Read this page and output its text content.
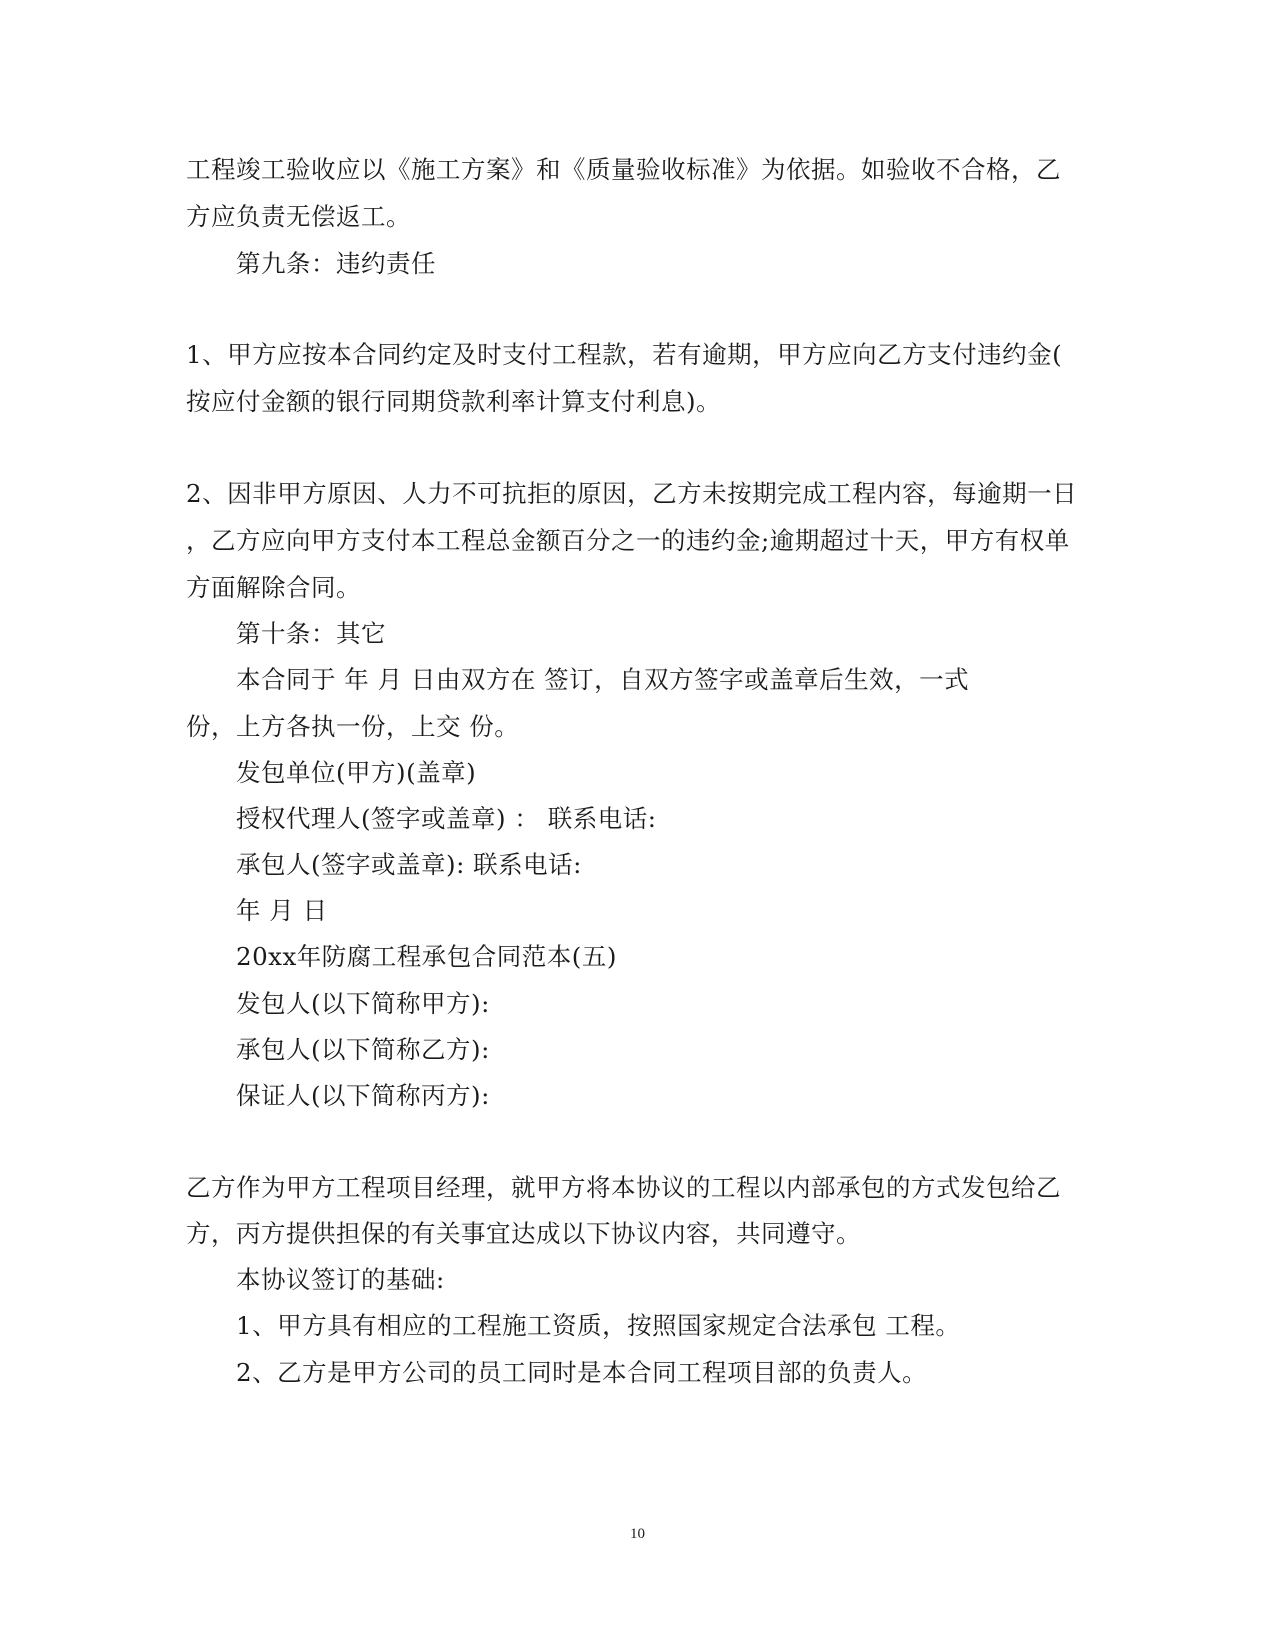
工程竣工验收应以《施工方案》和《质量验收标准》为依据。如验收不合格，乙
方应负责无偿返工。
第九条：违约责任
1、甲方应按本合同约定及时支付工程款，若有逾期，甲方应向乙方支付违约金(
按应付金额的银行同期贷款利率计算支付利息)。
2、因非甲方原因、人力不可抗拒的原因，乙方未按期完成工程内容，每逾期一日
，乙方应向甲方支付本工程总金额百分之一的违约金;逾期超过十天，甲方有权单
方面解除合同。
第十条：其它
本合同于 年 月 日由双方在 签订，自双方签字或盖章后生效，一式
份，上方各执一份，上交 份。
发包单位(甲方)(盖章)
授权代理人(签字或盖章) ： 联系电话:
承包人(签字或盖章): 联系电话:
年 月 日
20xx年防腐工程承包合同范本(五)
发包人(以下简称甲方):
承包人(以下简称乙方):
保证人(以下简称丙方):
乙方作为甲方工程项目经理，就甲方将本协议的工程以内部承包的方式发包给乙
方，丙方提供担保的有关事宜达成以下协议内容，共同遵守。
本协议签订的基础:
1、甲方具有相应的工程施工资质，按照国家规定合法承包 工程。
2、乙方是甲方公司的员工同时是本合同工程项目部的负责人。
10
